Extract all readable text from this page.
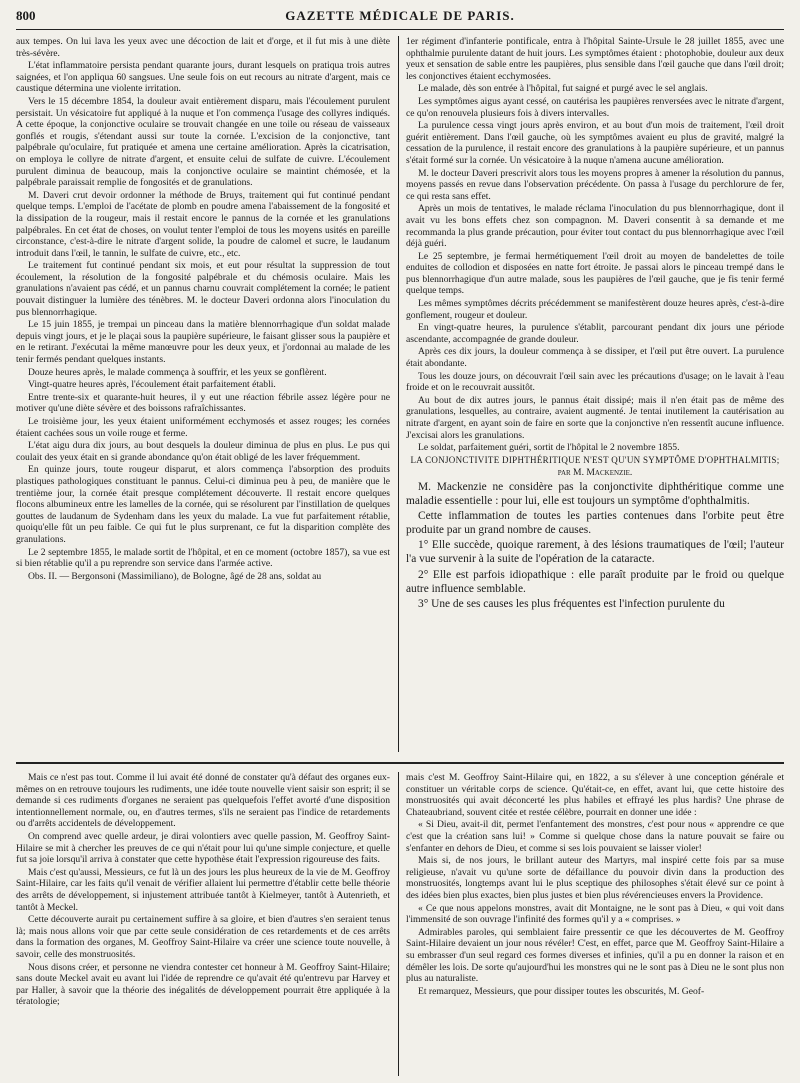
800	GAZETTE MÉDICALE DE PARIS.

aux tempes. On lui lava les yeux avec une décoction de lait et d'orge, et il fut mis à une diète très-sévère.

L'état inflammatoire persista pendant quarante jours, durant lesquels on pratiqua trois autres saignées, et l'on appliqua 60 sangsues. Une seule fois on eut recours au nitrate d'argent, mais ce caustique détermina une violente irritation.

Vers le 15 décembre 1854, la douleur avait entièrement disparu, mais l'écoulement purulent persistait. Un vésicatoire fut appliqué à la nuque et l'on commença l'usage des collyres indiqués. A cette époque, la conjonctive oculaire se trouvait changée en une toile ou réseau de vaisseaux gonflés et rougis, s'étendant aussi sur toute la cornée. L'excision de la conjonctive, tant palpébrale qu'oculaire, fut pratiquée et amena une certaine amélioration. Après la cicatrisation, on employa le collyre de nitrate d'argent, et ensuite celui de sulfate de cuivre. L'écoulement purulent diminua de beaucoup, mais la conjonctive oculaire se maintint chémosée, et la palpébrale paraissait remplie de fongosités et de granulations.

M. Daveri crut devoir ordonner la méthode de Bruys, traitement qui fut continué pendant quelque temps. L'emploi de l'acétate de plomb en poudre amena l'abaissement de la fongosité et la dissipation de la rougeur, mais il restait encore le pannus de la cornée et les granulations palpébrales. En cet état de choses, on voulut tenter l'emploi de tous les moyens usités en pareille circonstance, c'est-à-dire le nitrate d'argent solide, la poudre de calomel et sucre, le laudanum introduit dans l'œil, le tannin, le sulfate de cuivre, etc., etc.

Le traitement fut continué pendant six mois, et eut pour résultat la suppression de tout écoulement, la résolution de la fongosité palpébrale et du chémosis oculaire. Mais les granulations n'avaient pas cédé, et un pannus charnu couvrait complétement la cornée; le patient pouvait distinguer la lumière des ténèbres. M. le docteur Daveri ordonna alors l'inoculation du pus blennorrhagique.

Le 15 juin 1855, je trempai un pinceau dans la matière blennorrhagique d'un soldat malade depuis vingt jours, et je le plaçai sous la paupière supérieure, le faisant glisser sous la paupière et en le retirant. J'exécutai la même manœuvre pour les deux yeux, et j'ordonnai au malade de les tenir fermés pendant quelques instants.

Douze heures après, le malade commença à souffrir, et les yeux se gonflèrent.

Vingt-quatre heures après, l'écoulement était parfaitement établi.

Entre trente-six et quarante-huit heures, il y eut une réaction fébrile assez légère pour ne motiver qu'une diète sévère et des boissons rafraîchissantes.

Le troisième jour, les yeux étaient uniformément ecchymosés et assez rouges; les cornées étaient cachées sous un voile rouge et ferme.

L'état aigu dura dix jours, au bout desquels la douleur diminua de plus en plus. Le pus qui coulait des yeux était en si grande abondance qu'on était obligé de les laver fréquemment.

En quinze jours, toute rougeur disparut, et alors commença l'absorption des produits plastiques pathologiques constituant le pannus. Celui-ci diminua peu à peu, de manière que le trentième jour, la cornée était presque complétement découverte. Il restait encore quelques flocons albumineux entre les lamelles de la cornée, qui se résolurent par l'instillation de quelques gouttes de laudanum de Sydenham dans les yeux du malade. La vue fut parfaitement rétablie, quoiqu'elle fût un peu faible. Ce qui fut le plus surprenant, ce fut la disparition complète des granulations.

Le 2 septembre 1855, le malade sortit de l'hôpital, et en ce moment (octobre 1857), sa vue est si bien rétablie qu'il a pu reprendre son service dans l'armée active.

Obs. II. — Bergonsoni (Massimiliano), de Bologne, âgé de 28 ans, soldat au

1er régiment d'infanterie pontificale, entra à l'hôpital Sainte-Ursule le 28 juillet 1855, avec une ophthalmie purulente datant de huit jours. Les symptômes étaient : photophobie, douleur aux deux yeux et sensation de sable entre les paupières, plus sensible dans l'œil gauche que dans l'œil droit; les conjonctives étaient ecchymosées.

Le malade, dès son entrée à l'hôpital, fut saigné et purgé avec le sel anglais.

Les symptômes aigus ayant cessé, on cautérisa les paupières renversées avec le nitrate d'argent, ce qu'on renouvela plusieurs fois à divers intervalles.

La purulence cessa vingt jours après environ, et au bout d'un mois de traitement, l'œil droit guérit entièrement. Dans l'œil gauche, où les symptômes avaient eu plus de gravité, malgré la cessation de la purulence, il restait encore des granulations à la paupière supérieure, et un pannus s'était formé sur la cornée. Un vésicatoire à la nuque n'amena aucune amélioration.

M. le docteur Daveri prescrivit alors tous les moyens propres à amener la résolution du pannus, moyens passés en revue dans l'observation précédente. On passa à l'usage du perchlorure de fer, ce qui resta sans effet.

Après un mois de tentatives, le malade réclama l'inoculation du pus blennorrhagique, dont il avait vu les bons effets chez son compagnon. M. Daveri consentit à sa demande et me recommanda la plus grande précaution, pour éviter tout contact du pus blennorrhagique avec l'œil déjà guéri.

Le 25 septembre, je fermai hermétiquement l'œil droit au moyen de bandelettes de toile enduites de collodion et disposées en natte fort étroite. Je passai alors le pinceau trempé dans le pus blennorrhagique d'un autre malade, sous les paupières de l'œil gauche, que je fis tenir fermé quelque temps.

Les mêmes symptômes décrits précédemment se manifestèrent douze heures après, c'est-à-dire gonflement, rougeur et douleur.

En vingt-quatre heures, la purulence s'établit, parcourant pendant dix jours une période ascendante, accompagnée de grande douleur.

Après ces dix jours, la douleur commença à se dissiper, et l'œil put être ouvert. La purulence était abondante.

Tous les douze jours, on découvrait l'œil sain avec les précautions d'usage; on le lavait à l'eau froide et on le recouvrait aussitôt.

Au bout de dix autres jours, le pannus était dissipé; mais il n'en était pas de même des granulations, lesquelles, au contraire, avaient augmenté. Je tentai inutilement la cautérisation au nitrate d'argent, en ayant soin de faire en sorte que la conjonctive n'en ressentît aucune influence. J'excisai alors les granulations.

Le soldat, parfaitement guéri, sortit de l'hôpital le 2 novembre 1855.

LA CONJONCTIVITE DIPHTHÉRITIQUE N'EST QU'UN SYMPTÔME D'OPHTHALMITIS;

par M. Mackenzie.

M. Mackenzie ne considère pas la conjonctivite diphthéritique comme une maladie essentielle : pour lui, elle est toujours un symptôme d'ophthalmitis.

Cette inflammation de toutes les parties contenues dans l'orbite peut être produite par un grand nombre de causes.

1° Elle succède, quoique rarement, à des lésions traumatiques de l'œil; l'auteur l'a vue survenir à la suite de l'opération de la cataracte.

2° Elle est parfois idiopathique : elle paraît produite par le froid ou quelque autre influence semblable.

3° Une de ses causes les plus fréquentes est l'infection purulente du

Mais ce n'est pas tout. Comme il lui avait été donné de constater qu'à défaut des organes eux-mêmes on en retrouve toujours les rudiments, une idée toute nouvelle vient saisir son esprit; il se demande si ces rudiments d'organes ne seraient pas quelquefois l'effet avorté d'une disposition intentionnellement normale, ou, en d'autres termes, s'ils ne seraient pas l'indice de retardements ou d'arrêts accidentels de développement.

On comprend avec quelle ardeur, je dirai volontiers avec quelle passion, M. Geoffroy Saint-Hilaire se mit à chercher les preuves de ce qui n'était pour lui qu'une simple conjecture, et quelle fut sa joie lorsqu'il arriva à constater que cette hypothèse était l'expression rigoureuse des faits.

Mais c'est qu'aussi, Messieurs, ce fut là un des jours les plus heureux de la vie de M. Geoffroy Saint-Hilaire, car les faits qu'il venait de vérifier allaient lui permettre d'établir cette belle théorie des arrêts de développement, si injustement attribuée tantôt à Kielmeyer, tantôt à Autenrieth, et tantôt à Meckel.

Cette découverte aurait pu certainement suffire à sa gloire, et bien d'autres s'en seraient tenus là; mais nous allons voir que par cette seule considération de ces retardements et de ces arrêts dans la formation des organes, M. Geoffroy Saint-Hilaire va créer une science toute nouvelle, à savoir, celle des monstruosités.

Nous disons créer, et personne ne viendra contester cet honneur à M. Geoffroy Saint-Hilaire; sans doute Meckel avait eu avant lui l'idée de reprendre ce qu'avait été qu'entrevu par Harvey et par Haller, à savoir que la théorie des inégalités de développement pourrait être appliquée à la tératologie;

mais c'est M. Geoffroy Saint-Hilaire qui, en 1822, a su s'élever à une conception générale et constituer un véritable corps de science. Qu'était-ce, en effet, avant lui, que cette histoire des monstruosités qui avait déconcerté les plus habiles et effrayé les plus hardis? Une phrase de Chateaubriand, souvent citée et restée célèbre, pourrait en donner une idée :

« Si Dieu, avait-il dit, permet l'enfantement des monstres, c'est pour nous « apprendre ce que c'est que la création sans lui! » Comme si quelque chose dans la nature pouvait se faire ou s'enfanter en dehors de Dieu, et comme si ses lois pouvaient se laisser violer!

Mais si, de nos jours, le brillant auteur des Martyrs, mal inspiré cette fois par sa muse religieuse, n'avait vu qu'une sorte de défaillance du pouvoir divin dans la production des monstruosités, longtemps avant lui le plus sceptique des philosophes s'était élevé sur ce point à des idées bien plus exactes, bien plus justes et bien plus révérencieuses envers la Providence.

« Ce que nous appelons monstres, avait dit Montaigne, ne le sont pas à Dieu, « qui voit dans l'immensité de son ouvrage l'infinité des formes qu'il y a « comprises. »

Admirables paroles, qui semblaient faire pressentir ce que les découvertes de M. Geoffroy Saint-Hilaire devaient un jour nous révéler! C'est, en effet, parce que M. Geoffroy Saint-Hilaire a su embrasser d'un seul regard ces formes diverses et infinies, qu'il a pu en donner la raison et en démêler les lois. De sorte qu'aujourd'hui les monstres qui ne le sont pas à Dieu ne le sont plus non plus au naturaliste.

Et remarquez, Messieurs, que pour dissiper toutes les obscurités, M. Geof-
